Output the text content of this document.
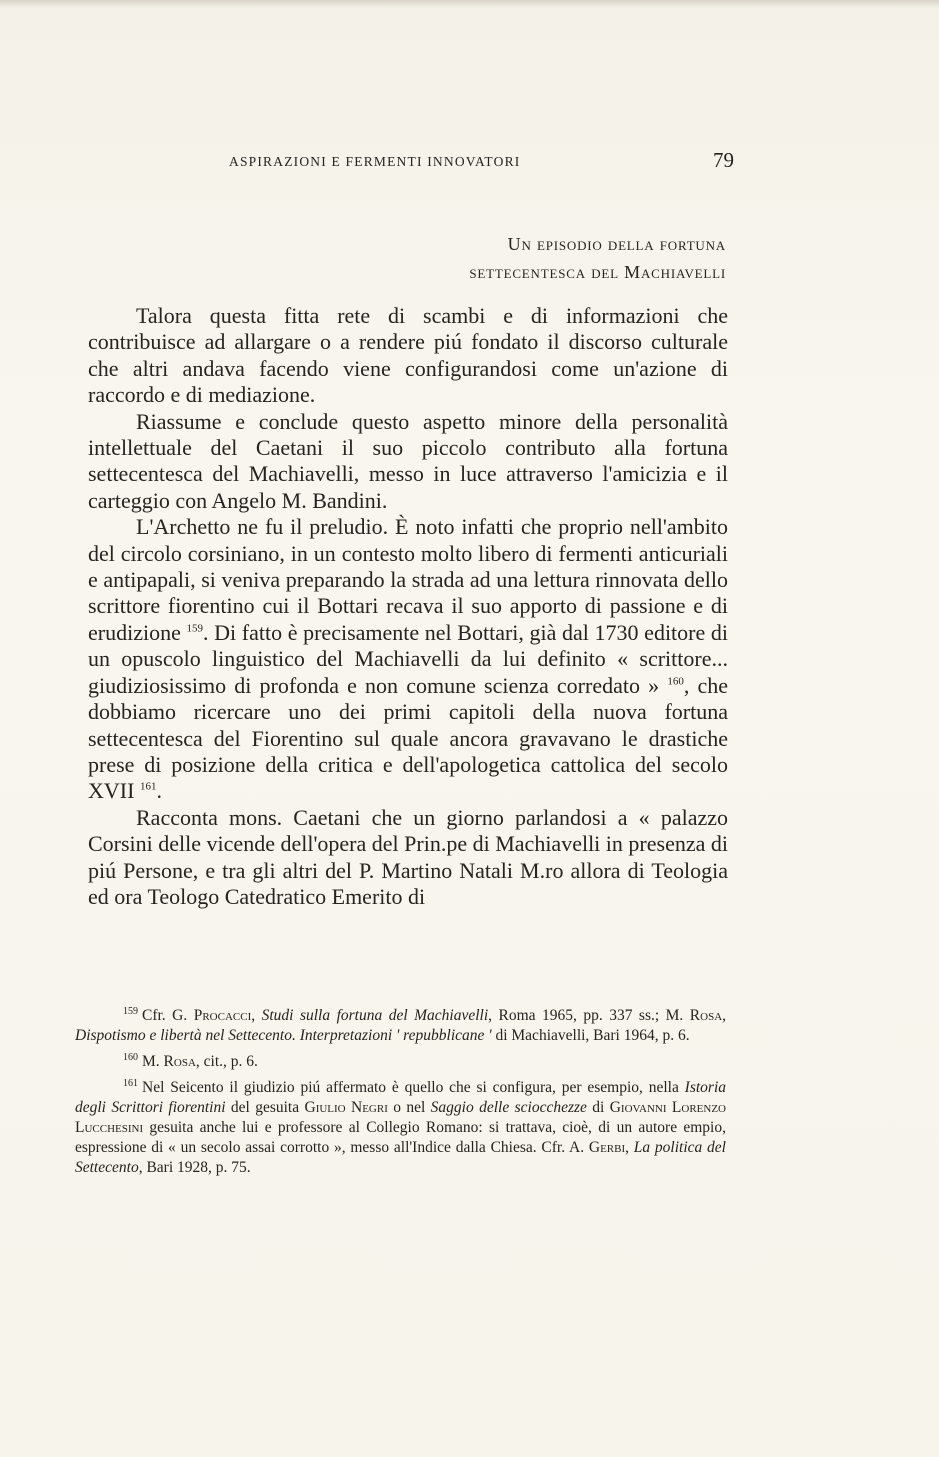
ASPIRAZIONI E FERMENTI INNOVATORI	79
Un episodio della fortuna
settecentesca del Machiavelli

Talora questa fitta rete di scambi e di informazioni che contribuisce ad allargare o a rendere piú fondato il discorso culturale che altri andava facendo viene configurandosi come un'azione di raccordo e di mediazione.

Riassume e conclude questo aspetto minore della personalità intellettuale del Caetani il suo piccolo contributo alla fortuna settecentesca del Machiavelli, messo in luce attraverso l'amicizia e il carteggio con Angelo M. Bandini.

L'Archetto ne fu il preludio. È noto infatti che proprio nell'ambito del circolo corsiniano, in un contesto molto libero di fermenti anticuriali e antipapali, si veniva preparando la strada ad una lettura rinnovata dello scrittore fiorentino cui il Bottari recava il suo apporto di passione e di erudizione $^{159}$. Di fatto è precisamente nel Bottari, già dal 1730 editore di un opuscolo linguistico del Machiavelli da lui definito « scrittore... giudiziosissimo di profonda e non comune scienza corredato » $^{160}$, che dobbiamo ricercare uno dei primi capitoli della nuova fortuna settecentesca del Fiorentino sul quale ancora gravavano le drastiche prese di posizione della critica e dell'apologetica cattolica del secolo XVII $^{161}$.

Racconta mons. Caetani che un giorno parlandosi a « palazzo Corsini delle vicende dell'opera del Prin.pe di Machiavelli in presenza di piú Persone, e tra gli altri del P. Martino Natali M.ro allora di Teologia ed ora Teologo Catedratico Emerito di

$^{159}$ Cfr. G. Procacci, Studi sulla fortuna del Machiavelli, Roma 1965, pp. 337 ss.; M. Rosa, Dispotismo e libertà nel Settecento. Interpretazioni ' repubblicane ' di Machiavelli, Bari 1964, p. 6.

$^{160}$ M. Rosa, cit., p. 6.

$^{161}$ Nel Seicento il giudizio piú affermato è quello che si configura, per esempio, nella Istoria degli Scrittori fiorentini del gesuita Giulio Negri o nel Saggio delle sciocchezze di Giovanni Lorenzo Lucchesini gesuita anche lui e professore al Collegio Romano: si trattava, cioè, di un autore empio, espressione di « un secolo assai corrotto », messo all'Indice dalla Chiesa. Cfr. A. Gerbi, La politica del Settecento, Bari 1928, p. 75.
